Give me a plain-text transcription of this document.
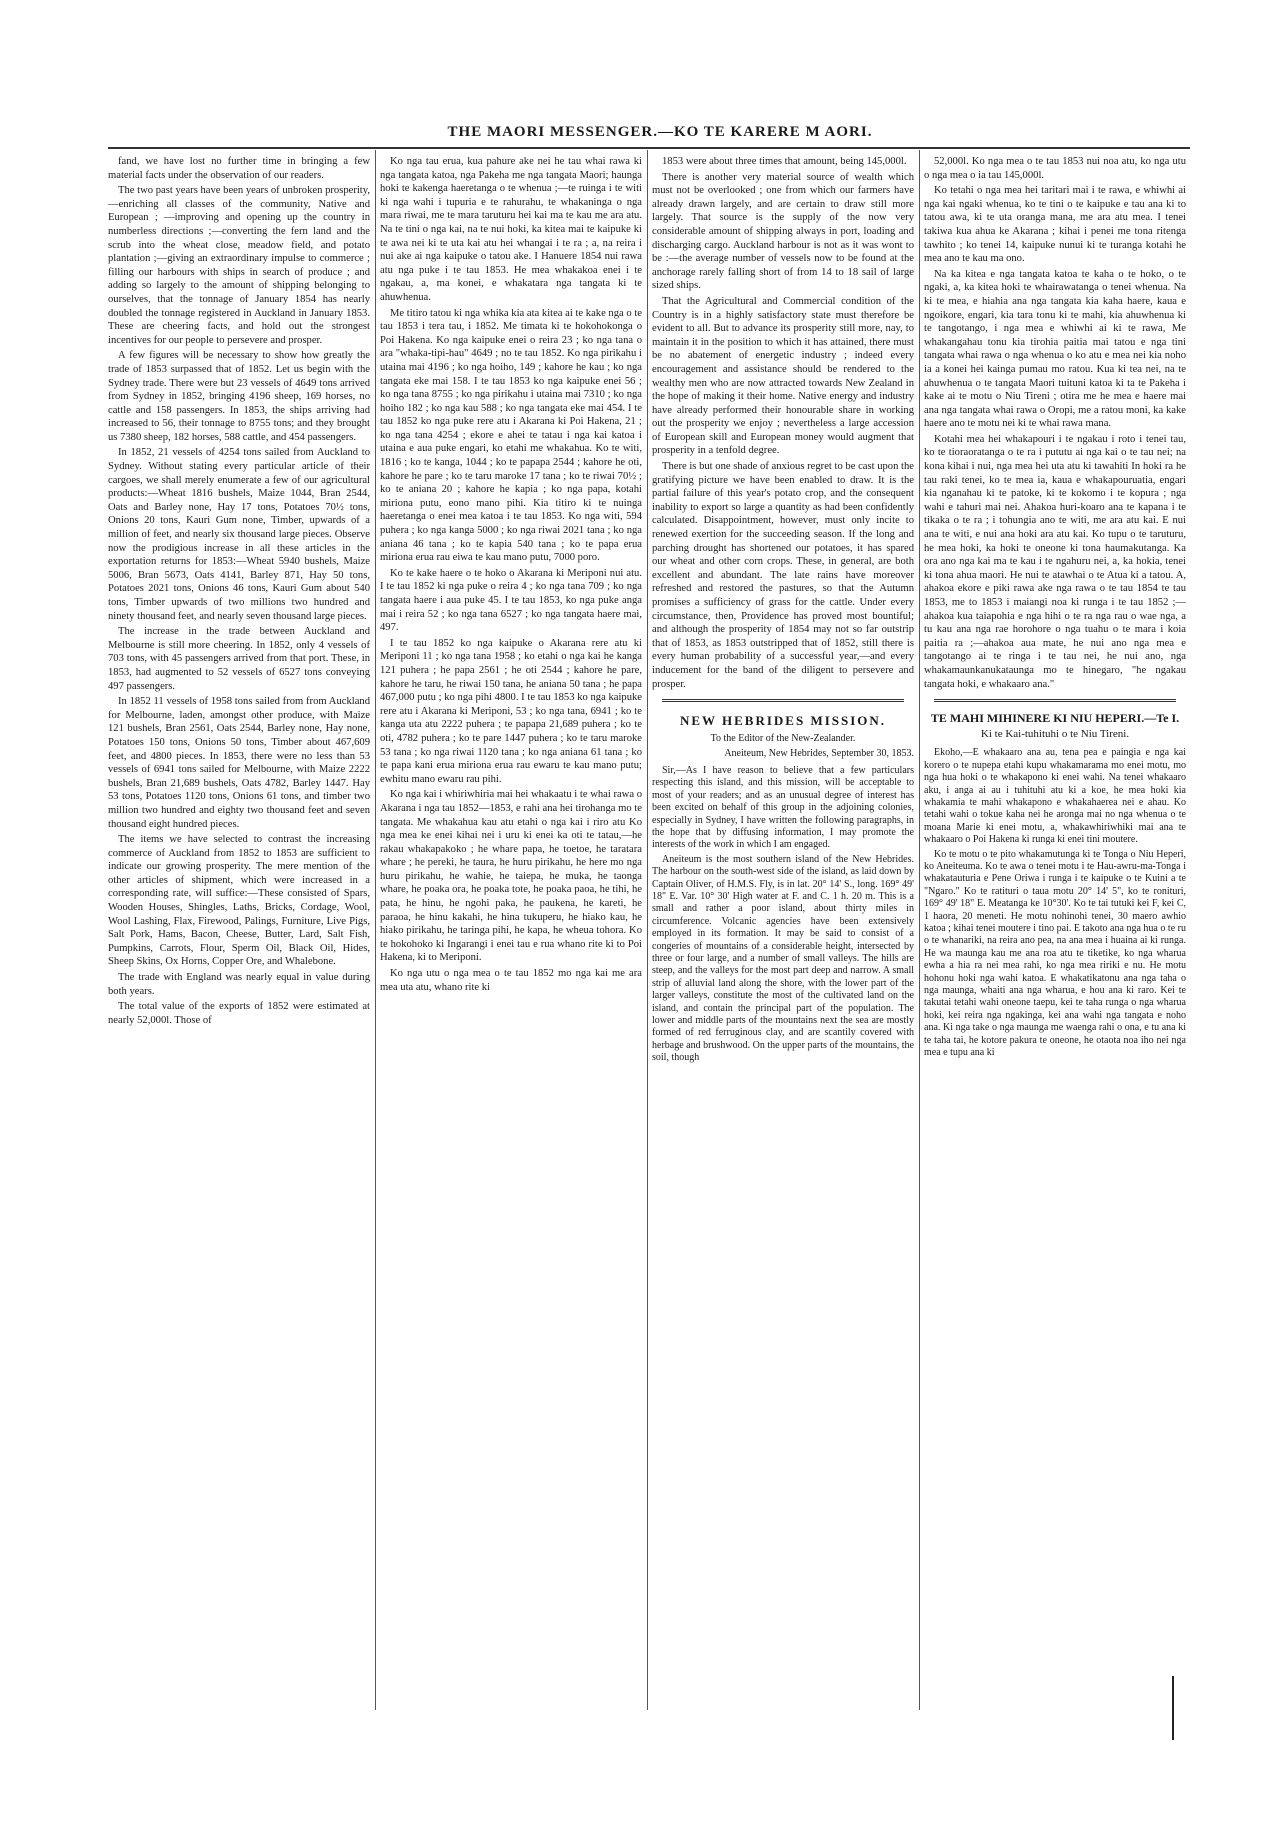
THE MAORI MESSENGER.—KO TE KARERE M AORI.

fand, we have lost no further time in bringing a few material facts under the observation of our readers.

The two past years have been years of unbroken prosperity,—enriching all classes of the community, Native and European ; —improving and opening up the country in numberless directions ;—converting the fern land and the scrub into the wheat close, meadow field, and potato plantation ;—giving an extraordinary impulse to commerce ; filling our harbours with ships in search of produce ; and adding so largely to the amount of shipping belonging to ourselves, that the tonnage of January 1854 has nearly doubled the tonnage registered in Auckland in January 1853. These are cheering facts, and hold out the strongest incentives for our people to persevere and prosper.

A few figures will be necessary to show how greatly the trade of 1853 surpassed that of 1852. Let us begin with the Sydney trade. There were but 23 vessels of 4649 tons arrived from Sydney in 1852, bringing 4196 sheep, 169 horses, no cattle and 158 passengers. In 1853, the ships arriving had increased to 56, their tonnage to 8755 tons; and they brought us 7380 sheep, 182 horses, 588 cattle, and 454 passengers.

In 1852, 21 vessels of 4254 tons sailed from Auckland to Sydney. Without stating every particular article of their cargoes, we shall merely enumerate a few of our agricultural products:—Wheat 1816 bushels, Maize 1044, Bran 2544, Oats and Barley none, Hay 17 tons, Potatoes 70½ tons, Onions 20 tons, Kauri Gum none, Timber, upwards of a million of feet, and nearly six thousand large pieces. Observe now the prodigious increase in all these articles in the exportation returns for 1853:—Wheat 5940 bushels, Maize 5006, Bran 5673, Oats 4141, Barley 871, Hay 50 tons, Potatoes 2021 tons, Onions 46 tons, Kauri Gum about 540 tons, Timber upwards of two millions two hundred and ninety thousand feet, and nearly seven thousand large pieces.

The increase in the trade between Auckland and Melbourne is still more cheering. In 1852, only 4 vessels of 703 tons, with 45 passengers arrived from that port. These, in 1853, had augmented to 52 vessels of 6527 tons conveying 497 passengers.

In 1852 11 vessels of 1958 tons sailed from from Auckland for Melbourne, laden, amongst other produce, with Maize 121 bushels, Bran 2561, Oats 2544, Barley none, Hay none, Potatoes 150 tons, Onions 50 tons, Timber about 467,609 feet, and 4800 pieces. In 1853, there were no less than 53 vessels of 6941 tons sailed for Melbourne, with Maize 2222 bushels, Bran 21,689 bushels, Oats 4782, Barley 1447. Hay 53 tons, Potatoes 1120 tons, Onions 61 tons, and timber two million two hundred and eighty two thousand feet and seven thousand eight hundred pieces.

The items we have selected to contrast the increasing commerce of Auckland from 1852 to 1853 are sufficient to indicate our growing prosperity. The mere mention of the other articles of shipment, which were increased in a corresponding rate, will suffice:—These consisted of Spars, Wooden Houses, Shingles, Laths, Bricks, Cordage, Wool, Wool Lashing, Flax, Firewood, Palings, Furniture, Live Pigs, Salt Pork, Hams, Bacon, Cheese, Butter, Lard, Salt Fish, Pumpkins, Carrots, Flour, Sperm Oil, Black Oil, Hides, Sheep Skins, Ox Horns, Copper Ore, and Whalebone.

The trade with England was nearly equal in value during both years.

The total value of the exports of 1852 were estimated at nearly 52,000l. Those of

Ko nga tau erua, kua pahure ake nei he tau whai rawa ki nga tangata katoa, nga Pakeha me nga tangata Maori; haunga hoki te kakenga haeretanga o te whenua ;—te ruinga i te witi ki nga wahi i tupuria e te rahurahu, te whakaninga o nga mara riwai, me te mara taruturu hei kai ma te kau me ara atu. Na te tini o nga kai, na te nui hoki, ka kitea mai te kaipuke ki te awa nei ki te uta kai atu hei whangai i te ra ; a, na reira i nui ake ai nga kaipuke o tatou ake. I Hanuere 1854 nui rawa atu nga puke i te tau 1853. He mea whakakoa enei i te ngakau, a, ma konei, e whakatara nga tangata ki te ahuwhenua.

Me titiro tatou ki nga whika kia ata kitea ai te kake nga o te tau 1853 i tera tau, i 1852. Me timata ki te hokohokonga o Poi Hakena. Ko nga kaipuke enei o reira 23 ; ko nga tana o ara "whaka-tipi-hau" 4649 ; no te tau 1852. Ko nga pirikahu i utaina mai 4196 ; ko nga hoiho, 149 ; kahore he kau ; ko nga tangata eke mai 158. I te tau 1853 ko nga kaipuke enei 56 ; ko nga tana 8755 ; ko nga pirikahu i utaina mai 7310 ; ko nga hoiho 182 ; ko nga kau 588 ; ko nga tangata eke mai 454. I te tau 1852 ko nga puke rere atu i Akarana ki Poi Hakena, 21 ; ko nga tana 4254 ; ekore e ahei te tatau i nga kai katoa i utaina e aua puke engari, ko etahi me whakahua. Ko te witi, 1816 ; ko te kanga, 1044 ; ko te papapa 2544 ; kahore he oti, kahore he pare ; ko te taru maroke 17 tana ; ko te riwai 70½ ; ko te aniana 20 ; kahore he kapia ; ko nga papa, kotahi miriona putu, eono mano pihi. Kia titiro ki te nuinga haeretanga o enei mea katoa i te tau 1853. Ko nga witi, 594 puhera ; ko nga kanga 5000 ; ko nga riwai 2021 tana ; ko nga aniana 46 tana ; ko te kapia 540 tana ; ko te papa erua miriona erua rau eiwa te kau mano putu, 7000 poro.

Ko te kake haere o te hoko o Akarana ki Meriponi nui atu. I te tau 1852 ki nga puke o reira 4 ; ko nga tana 709 ; ko nga tangata haere i aua puke 45. I te tau 1853, ko nga puke anga mai i reira 52 ; ko nga tana 6527 ; ko nga tangata haere mai, 497.

I te tau 1852 ko nga kaipuke o Akarana rere atu ki Meriponi 11 ; ko nga tana 1958 ; ko etahi o nga kai he kanga 121 puhera ; he papa 2561 ; he oti 2544 ; kahore he pare, kahore he taru, he riwai 150 tana, he aniana 50 tana ; he papa 467,000 putu ; ko nga pihi 4800. I te tau 1853 ko nga kaipuke rere atu i Akarana ki Meriponi, 53 ; ko nga tana, 6941 ; ko te kanga uta atu 2222 puhera ; te papapa 21,689 puhera ; ko te oti, 4782 puhera ; ko te pare 1447 puhera ; ko te taru maroke 53 tana ; ko nga riwai 1120 tana ; ko nga aniana 61 tana ; ko te papa kani erua miriona erua rau ewaru te kau mano putu; ewhitu mano ewaru rau pihi.

Ko nga kai i whiriwhiria mai hei whakaatu i te whai rawa o Akarana i nga tau 1852—1853, e rahi ana hei tirohanga mo te tangata. Me whakahua kau atu etahi o nga kai i riro atu Ko nga mea ke enei kihai nei i uru ki enei ka oti te tatau,—he rakau whakapakoko ; he whare papa, he toetoe, he taratara whare ; he pereki, he taura, he huru pirikahu, he here mo nga huru pirikahu, he wahie, he taiepa, he muka, he taonga whare, he poaka ora, he poaka tote, he poaka paoa, he tihi, he pata, he hinu, he ngohi paka, he paukena, he kareti, he paraoa, he hinu kakahi, he hina tukuperu, he hiako kau, he hiako pirikahu, he taringa pihi, he kapa, he wheua tohora. Ko te hokohoko ki Ingarangi i enei tau e rua whano rite ki to Poi Hakena, ki to Meriponi.

Ko nga utu o nga mea o te tau 1852 mo nga kai me ara mea uta atu, whano rite ki

1853 were about three times that amount, being 145,000l.

There is another very material source of wealth which must not be overlooked ; one from which our farmers have already drawn largely, and are certain to draw still more largely. That source is the supply of the now very considerable amount of shipping always in port, loading and discharging cargo. Auckland harbour is not as it was wont to be :—the average number of vessels now to be found at the anchorage rarely falling short of from 14 to 18 sail of large sized ships.

That the Agricultural and Commercial condition of the Country is in a highly satisfactory state must therefore be evident to all. But to advance its prosperity still more, nay, to maintain it in the position to which it has attained, there must be no abatement of energetic industry ; indeed every encouragement and assistance should be rendered to the wealthy men who are now attracted towards New Zealand in the hope of making it their home. Native energy and industry have already performed their honourable share in working out the prosperity we enjoy ; nevertheless a large accession of European skill and European money would augment that prosperity in a tenfold degree.

There is but one shade of anxious regret to be cast upon the gratifying picture we have been enabled to draw. It is the partial failure of this year's potato crop, and the consequent inability to export so large a quantity as had been confidently calculated. Disappointment, however, must only incite to renewed exertion for the succeeding season. If the long and parching drought has shortened our potatoes, it has spared our wheat and other corn crops. These, in general, are both excellent and abundant. The late rains have moreover refreshed and restored the pastures, so that the Autumn promises a sufficiency of grass for the cattle. Under every circumstance, then, Providence has proved most bountiful; and although the prosperity of 1854 may not so far outstrip that of 1853, as 1853 outstripped that of 1852, still there is every human probability of a successful year,—and every inducement for the band of the diligent to persevere and prosper.

NEW HEBRIDES MISSION.
To the Editor of the New-Zealander.
Aneiteum, New Hebrides, September 30, 1853.

Sir,—As I have reason to believe that a few particulars respecting this island, and this mission, will be acceptable to most of your readers; and as an unusual degree of interest has been excited on behalf of this group in the adjoining colonies, especially in Sydney, I have written the following paragraphs, in the hope that by diffusing information, I may promote the interests of the work in which I am engaged.

Aneiteum is the most southern island of the New Hebrides. The harbour on the south-west side of the island, as laid down by Captain Oliver, of H.M.S. Fly, is in lat. 20° 14' S., long. 169° 49' 18" E. Var. 10° 30' High water at F. and C. 1 h. 20 m. This is a small and rather a poor island, about thirty miles in circumference. Volcanic agencies have been extensively employed in its formation. It may be said to consist of a congeries of mountains of a considerable height, intersected by three or four large, and a number of small valleys. The hills are steep, and the valleys for the most part deep and narrow. A small strip of alluvial land along the shore, with the lower part of the larger valleys, constitute the most of the cultivated land on the island, and contain the principal part of the population. The lower and middle parts of the mountains next the sea are mostly formed of red ferruginous clay, and are scantily covered with herbage and brushwood. On the upper parts of the mountains, the soil, though

52,000l. Ko nga mea o te tau 1853 nui noa atu, ko nga utu o nga mea o ia tau 145,000l.

Ko tetahi o nga mea hei taritari mai i te rawa, e whiwhi ai nga kai ngaki whenua, ko te tini o te kaipuke e tau ana ki to tatou awa, ki te uta oranga mana, me ara atu mea. I tenei takiwa kua ahua ke Akarana ; kihai i penei me tona ritenga tawhito ; ko tenei 14, kaipuke nunui ki te turanga kotahi he mea ano te kau ma ono.

Na ka kitea e nga tangata katoa te kaha o te hoko, o te ngaki, a, ka kitea hoki te whairawatanga o tenei whenua. Na ki te mea, e hiahia ana nga tangata kia kaha haere, kaua e ngoikore, engari, kia tara tonu ki te mahi, kia ahuwhenua ki te tangotango, i nga mea e whiwhi ai ki te rawa, Me whakangahau tonu kia tirohia paitia mai tatou e nga tini tangata whai rawa o nga whenua o ko atu e mea nei kia noho ia a konei hei kainga pumau mo ratou. Kua ki tea nei, na te ahuwhenua o te tangata Maori tuituni katoa ki ta te Pakeha i kake ai te motu o Niu Tireni ; otira me he mea e haere mai ana nga tangata whai rawa o Oropi, me a ratou moni, ka kake haere ano te motu nei ki te whai rawa mana.

Kotahi mea hei whakapouri i te ngakau i roto i tenei tau, ko te tioraoratanga o te ra i pututu ai nga kai o te tau nei; na kona kihai i nui, nga mea hei uta atu ki tawahiti In hoki ra he tau raki tenei, ko te mea ia, kaua e whakapouruatia, engari kia nganahau ki te patoke, ki te kokomo i te kopura ; nga wahi e tahuri mai nei. Ahakoa huri-koaro ana te kapana i te tikaka o te ra ; i tohungia ano te witi, me ara atu kai. E nui ana te witi, e nui ana hoki ara atu kai. Ko tupu o te taruturu, he mea hoki, ka hoki te oneone ki tona haumakutanga. Ka ora ano nga kai ma te kau i te ngahuru nei, a, ka hokia, tenei ki tona ahua maori. He nui te atawhai o te Atua ki a tatou. A, ahakoa ekore e piki rawa ake nga rawa o te tau 1854 te tau 1853, me to 1853 i maiangi noa ki runga i te tau 1852 ;—ahakoa kua taiapohia e nga hihi o te ra nga rau o wae nga, a tu kau ana nga rae horohore o nga tuahu o te mara i koia paitia ra ;—ahakoa aua mate, he nui ano nga mea e tangotango ai te ringa i te tau nei, he nui ano, nga whakamaunkanukataunga mo te hinegaro, "he ngakau tangata hoki, e whakaaro ana."

TE MAHI MIHINERE KI NIU HEPERI.—Te I.
Ki te Kai-tuhituhi o te Niu Tireni.

Ekoho,—E whakaaro ana au, tena pea e paingia e nga kai korero o te nupepa etahi kupu whakamarama mo enei motu, mo nga hua hoki o te whakapono ki enei wahi. Na tenei whakaaro aku, i anga ai au i tuhituhi atu ki a koe, he mea hoki kia whakamia te mahi whakapono e whakahaerea nei e ahau. Ko tetahi wahi o tokue kaha nei he aronga mai no nga whenua o te moana Marie ki enei motu, a, whakawhiriwhiki mai ana te whakaaro o Poi Hakena ki runga ki enei tini moutere.

Ko te motu o te pito whakamutunga ki te Tonga o Niu Heperi, ko Aneiteuma. Ko te awa o tenei motu i te Hau-awru-ma-Tonga i whakatauturia e Pene Oriwa i runga i te kaipuke o te Kuini a te "Ngaro." Ko te ratituri o taua motu 20° 14' 5", ko te ronituri, 169° 49' 18" E. Meatanga ke 10°30'. Ko te tai tutuki kei F, kei C, 1 haora, 20 meneti. He motu nohinohi tenei, 30 maero awhio katoa ; kihai tenei moutere i tino pai. E takoto ana nga hua o te ru o te whanariki, na reira ano pea, na ana mea i huaina ai ki runga. He wa maunga kau me ana roa atu te tiketike, ko nga wharua ewha a hia ra nei mea rahi, ko nga mea ririki e nu. He motu hohonu hoki nga wahi katoa. E whakatikatonu ana nga taha o nga maunga, whaiti ana nga wharua, e hou ana ki raro. Kei te takutai tetahi wahi oneone taepu, kei te taha runga o nga wharua hoki, kei reira nga ngakinga, kei ana wahi nga tangata e noho ana. Ki nga take o nga maunga me waenga rahi o ona, e tu ana ki te taha tai, he kotore pakura te oneone, he otaota noa iho nei nga mea e tupu ana ki
